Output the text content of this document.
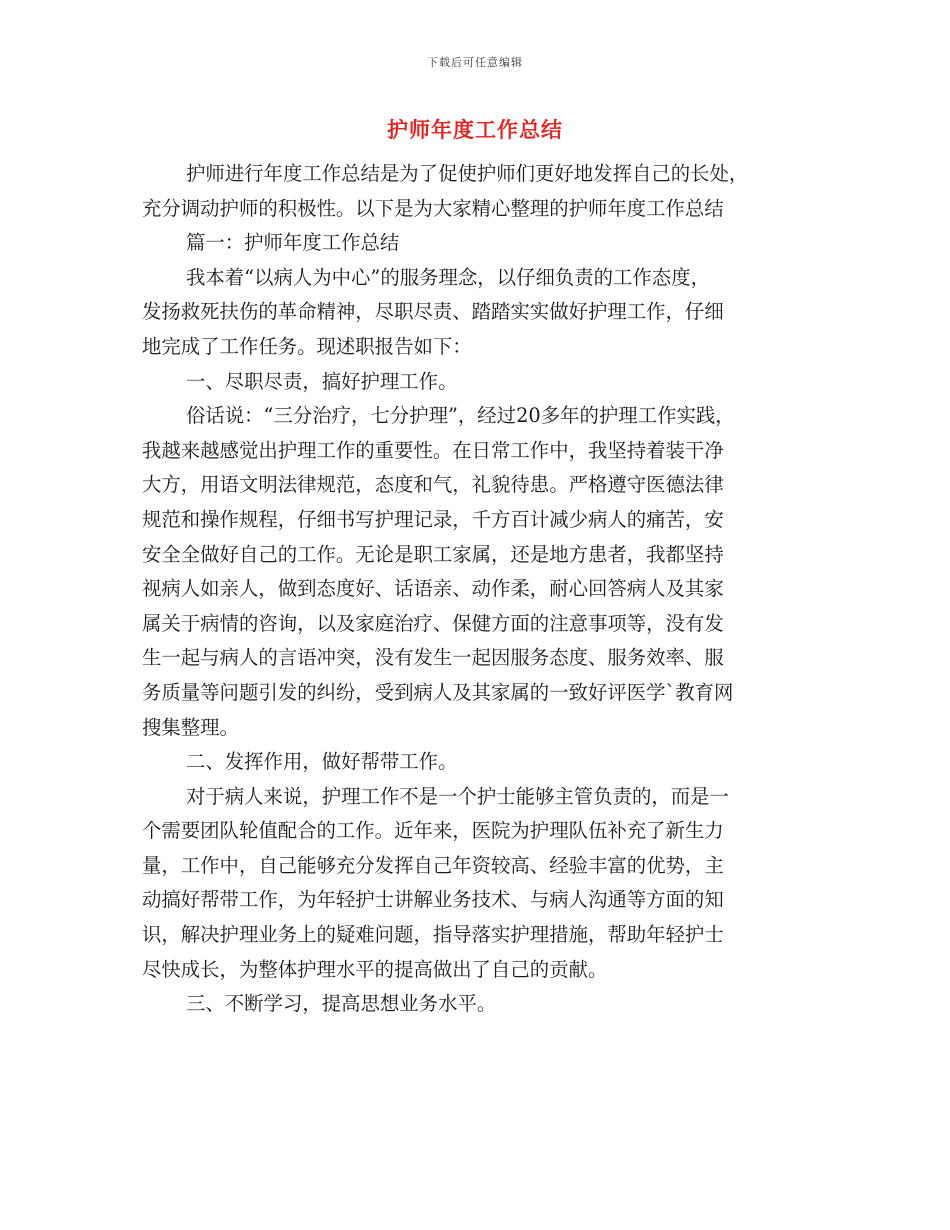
下载后可任意编辑
护师年度工作总结
护师进行年度工作总结是为了促使护师们更好地发挥自己的长处，
充分调动护师的积极性。以下是为大家精心整理的护师年度工作总结
篇一：护师年度工作总结
我本着“以病人为中心”的服务理念，以仔细负责的工作态度，
发扬救死扶伤的革命精神，尽职尽责、踏踏实实做好护理工作，仔细
地完成了工作任务。现述职报告如下：
一、尽职尽责，搞好护理工作。
俗话说：“三分治疗，七分护理”，经过20多年的护理工作实践，
我越来越感觉出护理工作的重要性。在日常工作中，我坚持着装干净
大方，用语文明法律规范，态度和气，礼貌待患。严格遵守医德法律
规范和操作规程，仔细书写护理记录，千方百计减少病人的痛苦，安
安全全做好自己的工作。无论是职工家属，还是地方患者，我都坚持
视病人如亲人，做到态度好、话语亲、动作柔，耐心回答病人及其家
属关于病情的咨询，以及家庭治疗、保健方面的注意事项等，没有发
生一起与病人的言语冲突，没有发生一起因服务态度、服务效率、服
务质量等问题引发的纠纷，受到病人及其家属的一致好评医学`教育网
搜集整理。
二、发挥作用，做好帮带工作。
对于病人来说，护理工作不是一个护士能够主管负责的，而是一
个需要团队轮值配合的工作。近年来，医院为护理队伍补充了新生力
量，工作中，自己能够充分发挥自己年资较高、经验丰富的优势，主
动搞好帮带工作，为年轻护士讲解业务技术、与病人沟通等方面的知
识，解决护理业务上的疑难问题，指导落实护理措施，帮助年轻护士
尽快成长，为整体护理水平的提高做出了自己的贡献。
三、不断学习，提高思想业务水平。
